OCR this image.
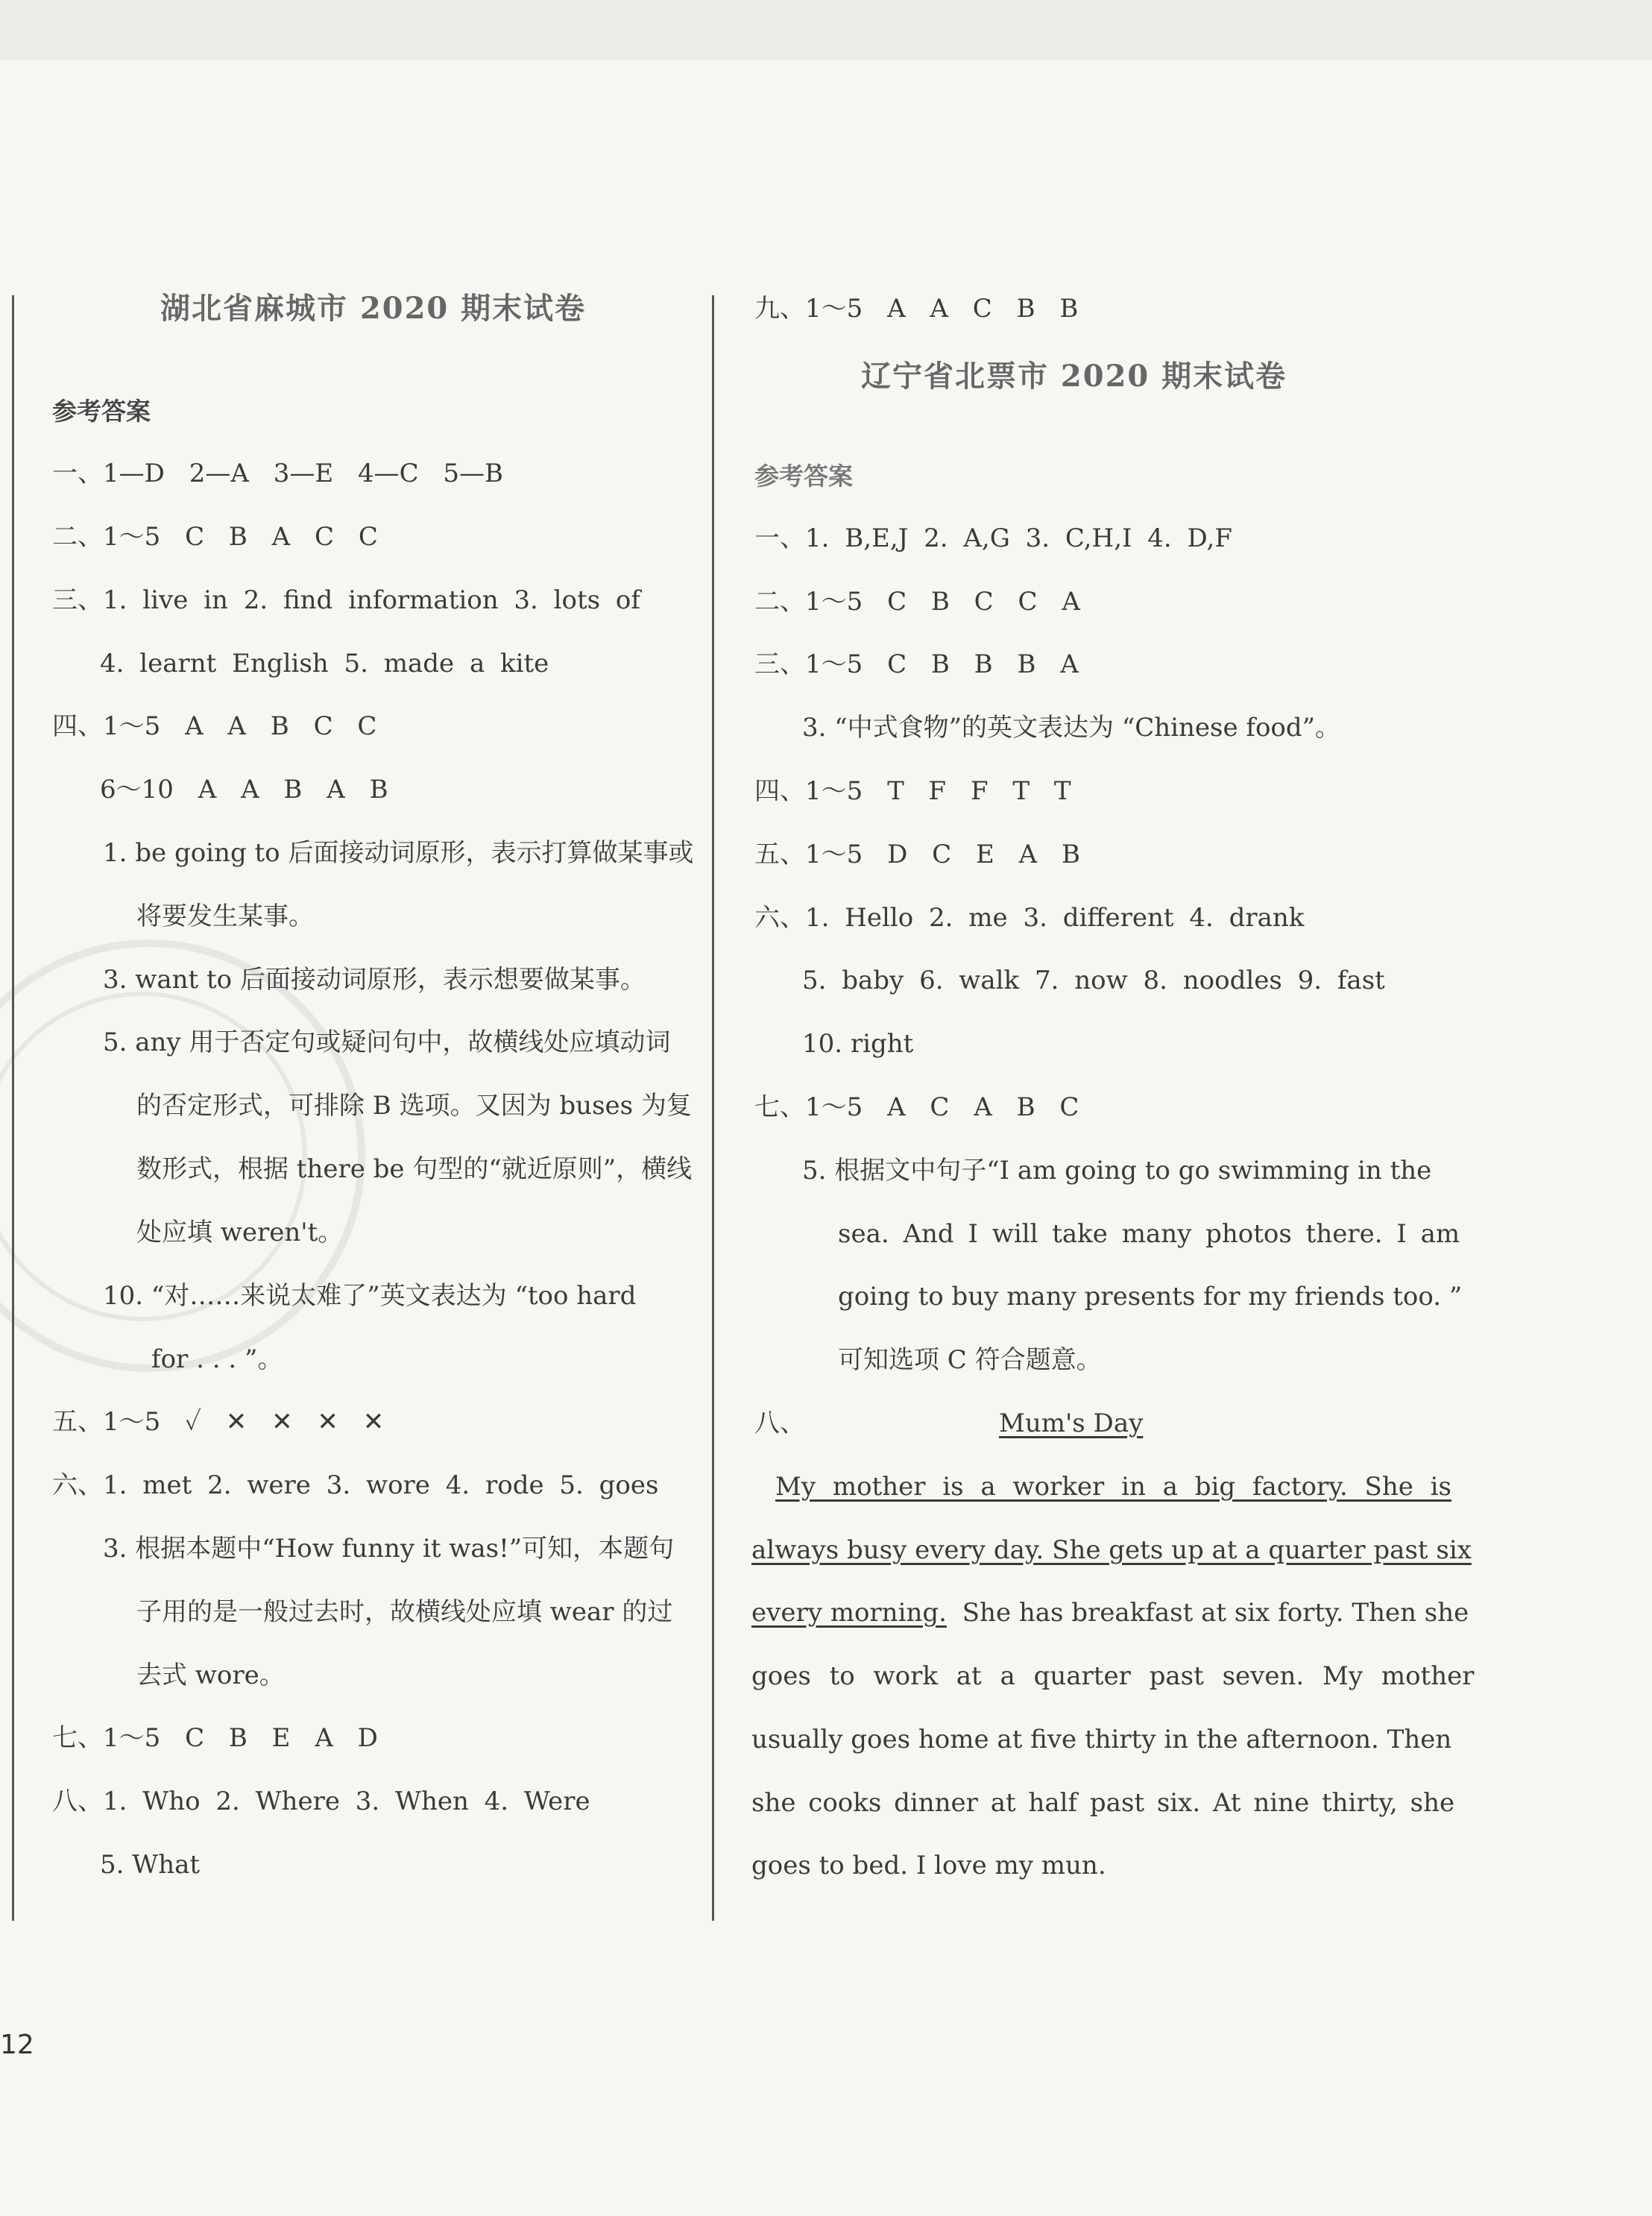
湖北省麻城市 2020 期末试卷
参考答案
一、1—D 2—A 3—E 4—C 5—B
二、1～5 C B A C C
三、1. live in 2. find information 3. lots of
4. learnt English 5. made a kite
四、1～5 A A B C C
6～10 A A B A B
1. be going to 后面接动词原形，表示打算做某事或
将要发生某事。
3. want to 后面接动词原形，表示想要做某事。
5. any 用于否定句或疑问句中，故横线处应填动词
的否定形式，可排除 B 选项。又因为 buses 为复
数形式，根据 there be 句型的“就近原则”，横线
处应填 weren't。
10. “对……来说太难了”英文表达为 “too hard
for . . . ”。
五、1～5 ✓ ✕ ✕ ✕ ✕
六、1. met 2. were 3. wore 4. rode 5. goes
3. 根据本题中“How funny it was!”可知，本题句
子用的是一般过去时，故横线处应填 wear 的过
去式 wore。
七、1～5 C B E A D
八、1. Who 2. Where 3. When 4. Were
5. What
九、1～5 A A C B B
辽宁省北票市 2020 期末试卷
参考答案
一、1. B,E,J 2. A,G 3. C,H,I 4. D,F
二、1～5 C B C C A
三、1～5 C B B B A
3. “中式食物”的英文表达为 “Chinese food”。
四、1～5 T F F T T
五、1～5 D C E A B
六、1. Hello 2. me 3. different 4. drank
5. baby 6. walk 7. now 8. noodles 9. fast
10. right
七、1～5 A C A B C
5. 根据文中句子“I am going to go swimming in the
sea. And I will take many photos there. I am
going to buy many presents for my friends too. ”
可知选项 C 符合题意。
八、	Mum's Day
My mother is a worker in a big factory. She is
always busy every day. She gets up at a quarter past six
every morning. She has breakfast at six forty. Then she
goes to work at a quarter past seven. My mother
usually goes home at five thirty in the afternoon. Then
she cooks dinner at half past six. At nine thirty, she
goes to bed. I love my mun.
12
